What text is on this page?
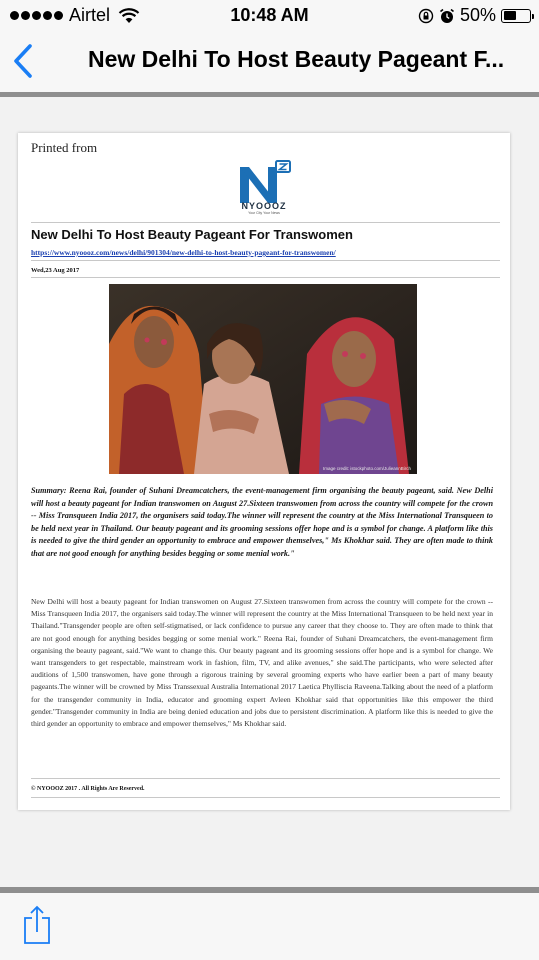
Airtel	10:48 AM	50%
New Delhi To Host Beauty Pageant F...
Printed from
NYOOOZ
Your City Your News
New Delhi To Host Beauty Pageant For Transwomen
https://www.nyoooz.com/news/delhi/901304/new-delhi-to-host-beauty-pageant-for-transwomen/
Wed,23 Aug 2017
Image credit: istockphoto.com/JulieannBirch
Summary: Reena Rai, founder of Suhani Dreamcatchers, the event-management firm organising the beauty pageant, said. New Delhi will host a beauty pageant for Indian transwomen on August 27.Sixteen transwomen from across the country will compete for the crown -- Miss Transqueen India 2017, the organisers said today.The winner will represent the country at the Miss International Transqueen to be held next year in Thailand. Our beauty pageant and its grooming sessions offer hope and is a symbol for change. A platform like this is needed to give the third gender an opportunity to embrace and empower themselves," Ms Khokhar said. They are often made to think that are not good enough for anything besides begging or some menial work."
New Delhi will host a beauty pageant for Indian transwomen on August 27.Sixteen transwomen from across the country will compete for the crown -- Miss Transqueen India 2017, the organisers said today.The winner will represent the country at the Miss International Transqueen to be held next year in Thailand."Transgender people are often self-stigmatised, or lack confidence to pursue any career that they choose to. They are often made to think that are not good enough for anything besides begging or some menial work." Reena Rai, founder of Suhani Dreamcatchers, the event-management firm organising the beauty pageant, said."We want to change this. Our beauty pageant and its grooming sessions offer hope and is a symbol for change. We want transgenders to get respectable, mainstream work in fashion, film, TV, and alike avenues," she said.The participants, who were selected after auditions of 1,500 transwomen, have gone through a rigorous training by several grooming experts who have earlier been a part of many beauty pageants.The winner will be crowned by Miss Transsexual Australia International 2017 Laetica Phylliscia Raveena.Talking about the need of a platform for the transgender community in India, educator and grooming expert Avleen Khokhar said that opportunities like this empower the third gender."Transgender community in India are being denied education and jobs due to persistent discrimination. A platform like this is needed to give the third gender an opportunity to embrace and empower themselves," Ms Khokhar said.
© NYOOOZ 2017 . All Rights Are Reserved.
